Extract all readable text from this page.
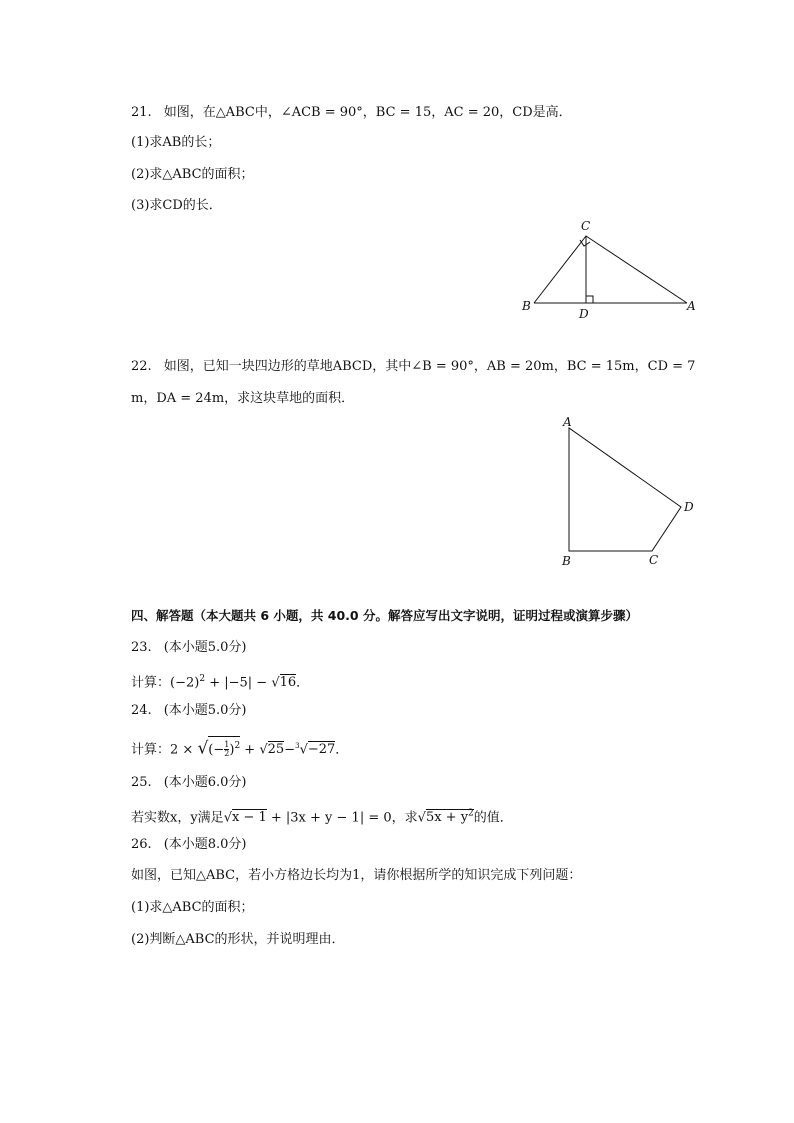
21. 如图，在△ABC中，∠ACB = 90°，BC = 15，AC = 20，CD是高．
(1)求AB的长；
(2)求△ABC的面积；
(3)求CD的长．
C
B
D
A
22. 如图，已知一块四边形的草地ABCD，其中∠B = 90°，AB = 20m，BC = 15m，CD = 7
m，DA = 24m，求这块草地的面积．
A
B	C
D
四、解答题（本大题共 6 小题，共 40.0 分。解答应写出文字说明，证明过程或演算步骤）
23. (本小题5.0分)
计算：$(-2)^2 + |-5| - √16$．
24. (本小题5.0分)
计算：2 × √(− $\frac{1}{2} )^2 + √25-^3√-27$．
25. (本小题6.0分)
若实数x，y满足√x − 1 + |3x + y − 1| = 0，求$√5x + y^2$的值．
26. (本小题8.0分)
如图，已知△ABC，若小方格边长均为1，请你根据所学的知识完成下列问题：
(1)求△ABC的面积；
(2)判断△ABC的形状，并说明理由．
